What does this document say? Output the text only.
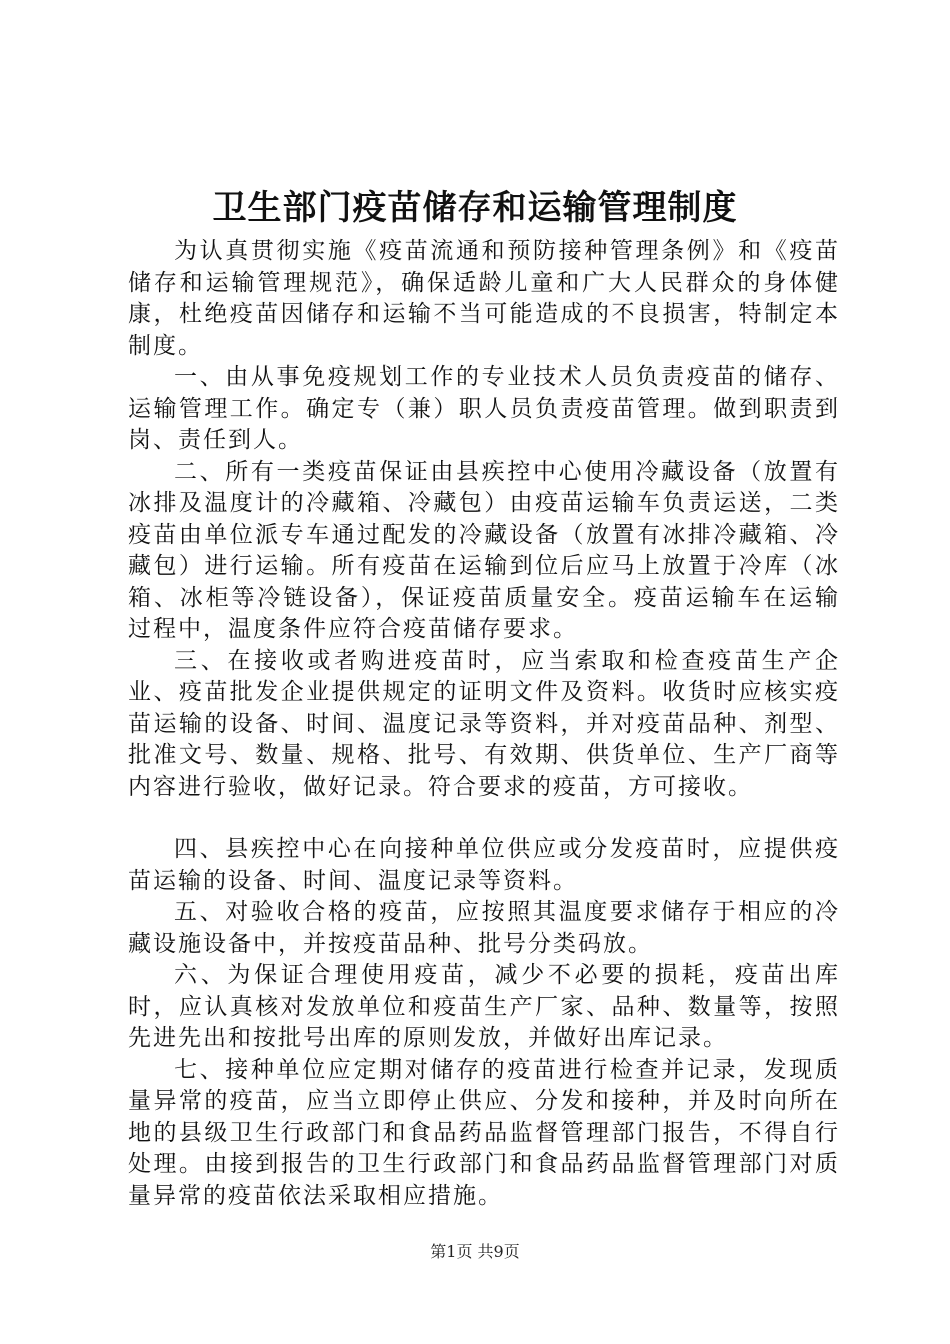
卫生部门疫苗储存和运输管理制度

为认真贯彻实施《疫苗流通和预防接种管理条例》和《疫苗储存和运输管理规范》，确保适龄儿童和广大人民群众的身体健康，杜绝疫苗因储存和运输不当可能造成的不良损害，特制定本制度。

一、由从事免疫规划工作的专业技术人员负责疫苗的储存、运输管理工作。确定专（兼）职人员负责疫苗管理。做到职责到岗、责任到人。

二、所有一类疫苗保证由县疾控中心使用冷藏设备（放置有冰排及温度计的冷藏箱、冷藏包）由疫苗运输车负责运送，二类疫苗由单位派专车通过配发的冷藏设备（放置有冰排冷藏箱、冷藏包）进行运输。所有疫苗在运输到位后应马上放置于冷库（冰箱、冰柜等冷链设备），保证疫苗质量安全。疫苗运输车在运输过程中，温度条件应符合疫苗储存要求。

三、在接收或者购进疫苗时，应当索取和检查疫苗生产企业、疫苗批发企业提供规定的证明文件及资料。收货时应核实疫苗运输的设备、时间、温度记录等资料，并对疫苗品种、剂型、批准文号、数量、规格、批号、有效期、供货单位、生产厂商等内容进行验收，做好记录。符合要求的疫苗，方可接收。

四、县疾控中心在向接种单位供应或分发疫苗时，应提供疫苗运输的设备、时间、温度记录等资料。

五、对验收合格的疫苗，应按照其温度要求储存于相应的冷藏设施设备中，并按疫苗品种、批号分类码放。

六、为保证合理使用疫苗，减少不必要的损耗，疫苗出库时，应认真核对发放单位和疫苗生产厂家、品种、数量等，按照先进先出和按批号出库的原则发放，并做好出库记录。

七、接种单位应定期对储存的疫苗进行检查并记录，发现质量异常的疫苗，应当立即停止供应、分发和接种，并及时向所在地的县级卫生行政部门和食品药品监督管理部门报告，不得自行处理。由接到报告的卫生行政部门和食品药品监督管理部门对质量异常的疫苗依法采取相应措施。

第1页 共9页
